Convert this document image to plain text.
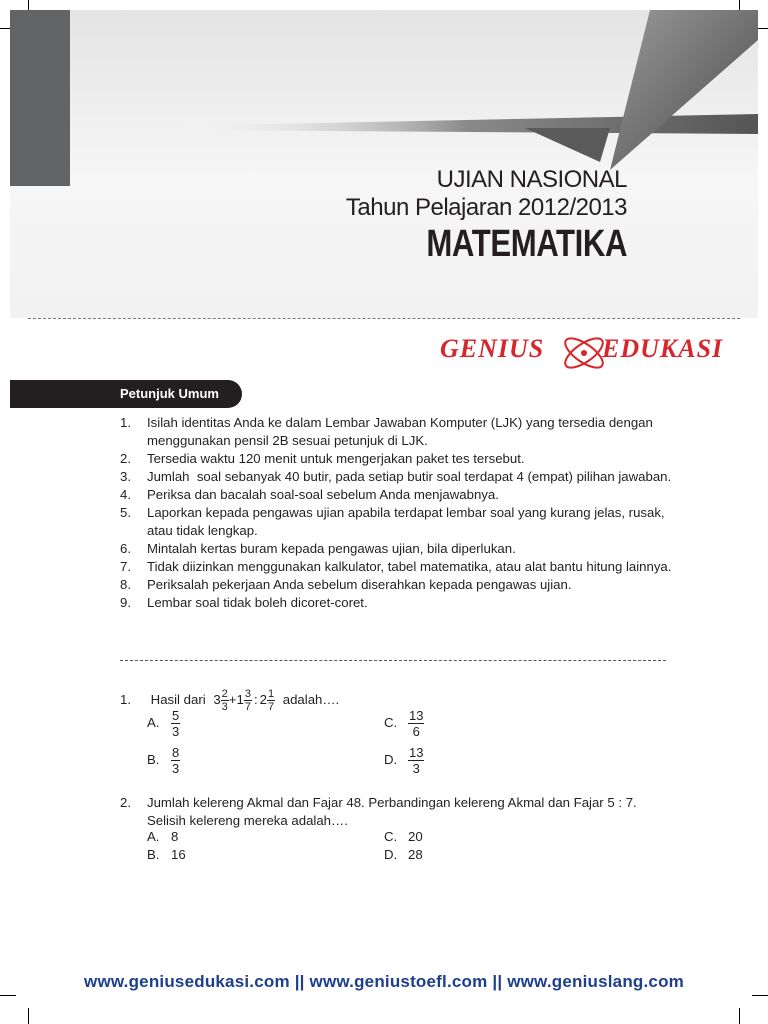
UJIAN NASIONAL
Tahun Pelajaran 2012/2013
MATEMATIKA
GENIUS EDUKASI
Petunjuk Umum
1.	Isilah identitas Anda ke dalam Lembar Jawaban Komputer (LJK) yang tersedia dengan menggunakan pensil 2B sesuai petunjuk di LJK.
2.	Tersedia waktu 120 menit untuk mengerjakan paket tes tersebut.
3.	Jumlah  soal sebanyak 40 butir, pada setiap butir soal terdapat 4 (empat) pilihan jawaban.
4.	Periksa dan bacalah soal-soal sebelum Anda menjawabnya.
5.	Laporkan kepada pengawas ujian apabila terdapat lembar soal yang kurang jelas, rusak, atau tidak lengkap.
6.	Mintalah kertas buram kepada pengawas ujian, bila diperlukan.
7.	Tidak diizinkan menggunakan kalkulator, tabel matematika, atau alat bantu hitung lainnya.
8.	Periksalah pekerjaan Anda sebelum diserahkan kepada pengawas ujian.
9.	Lembar soal tidak boleh dicoret-coret.
1. Hasil dari $3 \frac{2}{3} +1 \frac{3}{7}$ : $2 \frac{1}{7}$ adalah….
A. $\frac{5}{3}$	C. $\frac{13}{6}$
B. $\frac{8}{3}$	D. $\frac{13}{3}$
2.	Jumlah kelereng Akmal dan Fajar 48. Perbandingan kelereng Akmal dan Fajar 5 : 7.
Selisih kelereng mereka adalah….
A. 8	C. 20
B. 16	D. 28
www.geniusedukasi.com || www.geniustoefl.com || www.geniuslang.com
